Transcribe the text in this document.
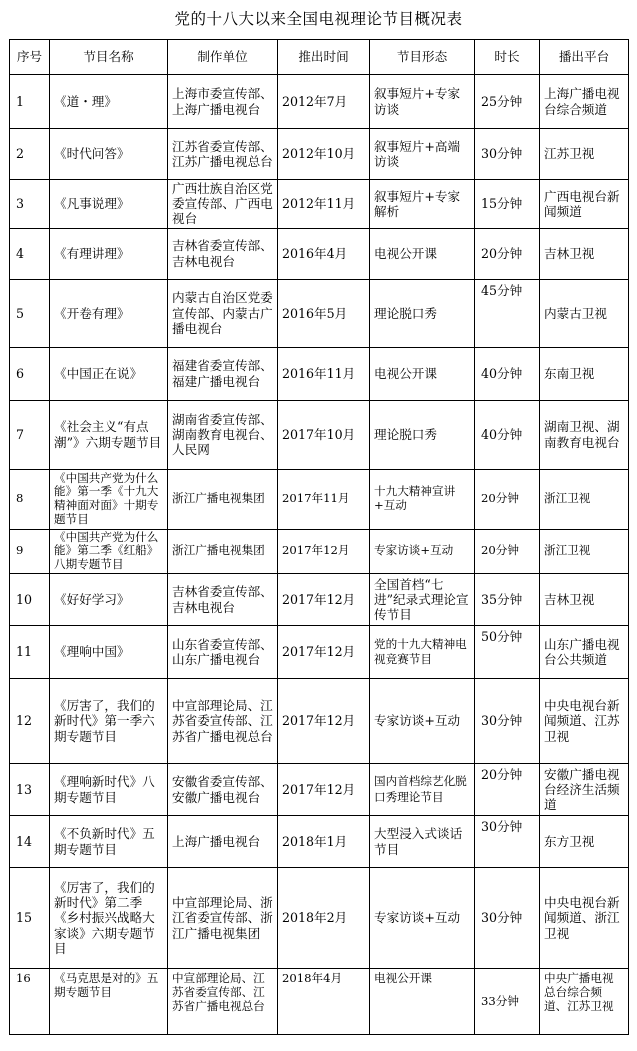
党的十八大以来全国电视理论节目概况表
序号	节目名称	制作单位	推出时间	节目形态	时长	播出平台
1	《道・理》	上海市委宣传部、上海广播电视台	2012年7月	叙事短片+专家访谈	25分钟	上海广播电视台综合频道
2	《时代问答》	江苏省委宣传部、江苏广播电视总台	2012年10月	叙事短片+高端访谈	30分钟	江苏卫视
3	《凡事说理》	广西壮族自治区党委宣传部、广西电视台	2012年11月	叙事短片+专家解析	15分钟	广西电视台新闻频道
4	《有理讲理》	吉林省委宣传部、吉林电视台	2016年4月	电视公开课	20分钟	吉林卫视
5	《开卷有理》	内蒙古自治区党委宣传部、内蒙古广播电视台	2016年5月	理论脱口秀	45分钟	内蒙古卫视
6	《中国正在说》	福建省委宣传部、福建广播电视台	2016年11月	电视公开课	40分钟	东南卫视
7	《社会主义“有点潮”》六期专题节目	湖南省委宣传部、湖南教育电视台、人民网	2017年10月	理论脱口秀	40分钟	湖南卫视、湖南教育电视台
8	《中国共产党为什么能》第一季《十九大精神面对面》十期专题节目	浙江广播电视集团	2017年11月	十九大精神宣讲+互动	20分钟	浙江卫视
9	《中国共产党为什么能》第二季《红船》八期专题节目	浙江广播电视集团	2017年12月	专家访谈+互动	20分钟	浙江卫视
10	《好好学习》	吉林省委宣传部、吉林电视台	2017年12月	全国首档“七进”纪录式理论宣传节目	35分钟	吉林卫视
11	《理响中国》	山东省委宣传部、山东广播电视台	2017年12月	党的十九大精神电视竞赛节目	50分钟	山东广播电视台公共频道
12	《厉害了，我们的新时代》第一季六期专题节目	中宣部理论局、江苏省委宣传部、江苏省广播电视总台	2017年12月	专家访谈+互动	30分钟	中央电视台新闻频道、江苏卫视
13	《理响新时代》八期专题节目	安徽省委宣传部、安徽广播电视台	2017年12月	国内首档综艺化脱口秀理论节目	20分钟	安徽广播电视台经济生活频道
14	《不负新时代》五期专题节目	上海广播电视台	2018年1月	大型浸入式谈话节目	30分钟	东方卫视
15	《厉害了，我们的新时代》第二季《乡村振兴战略大家谈》六期专题节目	中宣部理论局、浙江省委宣传部、浙江广播电视集团	2018年2月	专家访谈+互动	30分钟	中央电视台新闻频道、浙江卫视
16	《马克思是对的》五期专题节目	中宣部理论局、江苏省委宣传部、江苏省广播电视总台	2018年4月	电视公开课	33分钟	中央广播电视总台综合频道、江苏卫视
